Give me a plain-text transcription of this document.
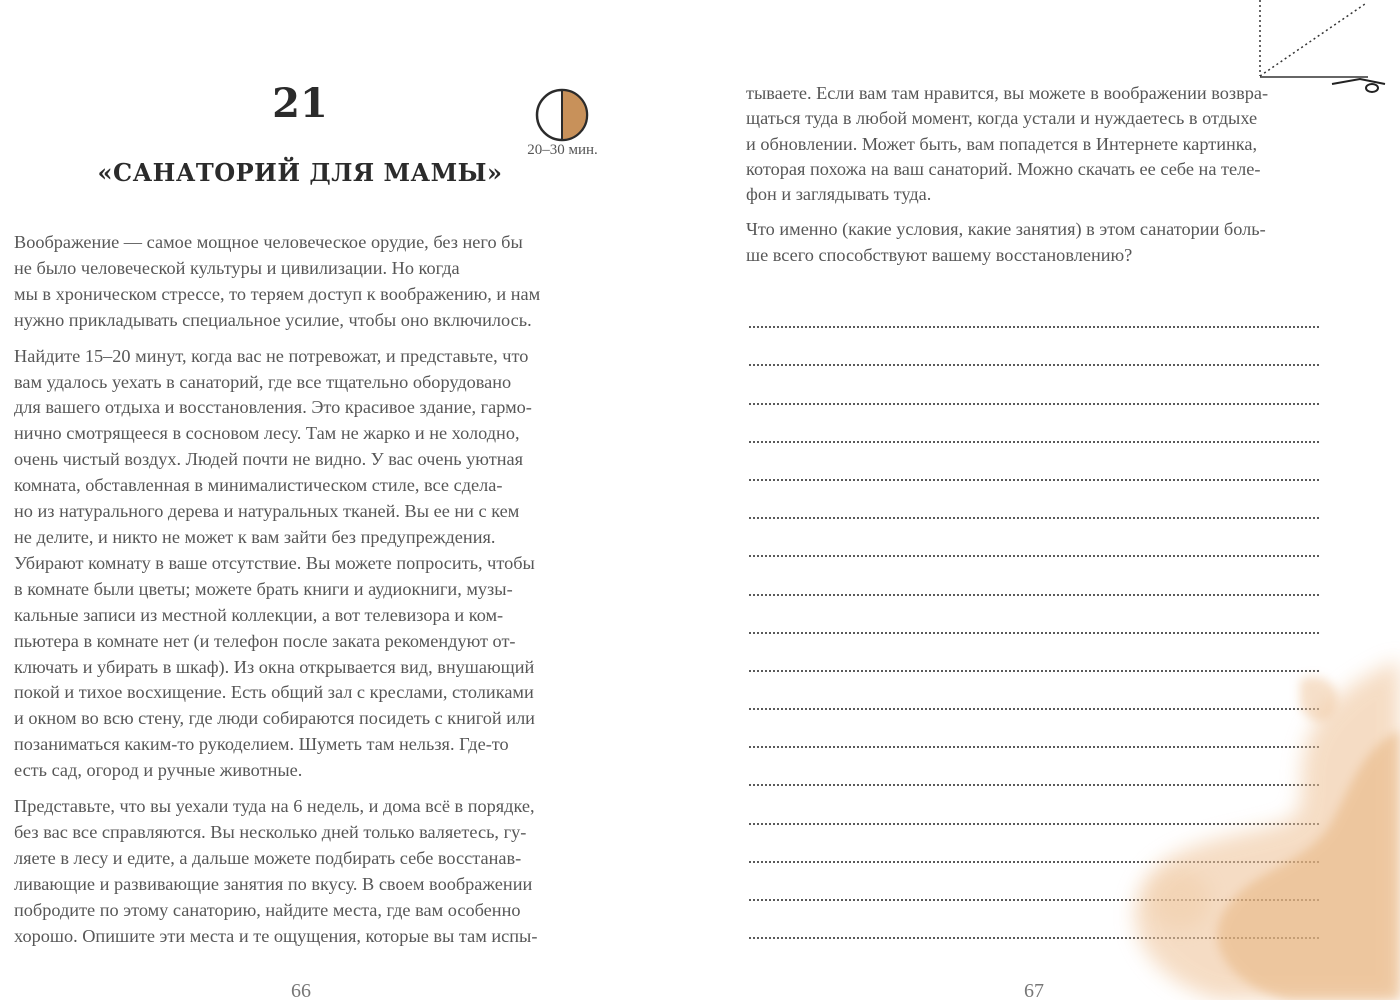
21
20–30 мин.
«САНАТОРИЙ ДЛЯ МАМЫ»

Воображение — самое мощное человеческое орудие, без него бы
не было человеческой культуры и цивилизации. Но когда
мы в хроническом стрессе, то теряем доступ к воображению, и нам
нужно прикладывать специальное усилие, чтобы оно включилось.

Найдите 15–20 минут, когда вас не потревожат, и представьте, что
вам удалось уехать в санаторий, где все тщательно оборудовано
для вашего отдыха и восстановления. Это красивое здание, гармо-
нично смотрящееся в сосновом лесу. Там не жарко и не холодно,
очень чистый воздух. Людей почти не видно. У вас очень уютная
комната, обставленная в минималистическом стиле, все сдела-
но из натурального дерева и натуральных тканей. Вы ее ни с кем
не делите, и никто не может к вам зайти без предупреждения.
Убирают комнату в ваше отсутствие. Вы можете попросить, чтобы
в комнате были цветы; можете брать книги и аудиокниги, музы-
кальные записи из местной коллекции, а вот телевизора и ком-
пьютера в комнате нет (и телефон после заката рекомендуют от-
ключать и убирать в шкаф). Из окна открывается вид, внушающий
покой и тихое восхищение. Есть общий зал с креслами, столиками
и окном во всю стену, где люди собираются посидеть с книгой или
позаниматься каким-то рукоделием. Шуметь там нельзя. Где-то
есть сад, огород и ручные животные.

Представьте, что вы уехали туда на 6 недель, и дома всё в порядке,
без вас все справляются. Вы несколько дней только валяетесь, гу-
ляете в лесу и едите, а дальше можете подбирать себе восстанав-
ливающие и развивающие занятия по вкусу. В своем воображении
побродите по этому санаторию, найдите места, где вам особенно
хорошо. Опишите эти места и те ощущения, которые вы там испы-

66

тываете. Если вам там нравится, вы можете в воображении возвра-
щаться туда в любой момент, когда устали и нуждаетесь в отдыхе
и обновлении. Может быть, вам попадется в Интернете картинка,
которая похожа на ваш санаторий. Можно скачать ее себе на теле-
фон и заглядывать туда.

Что именно (какие условия, какие занятия) в этом санатории боль-
ше всего способствуют вашему восстановлению?

67
